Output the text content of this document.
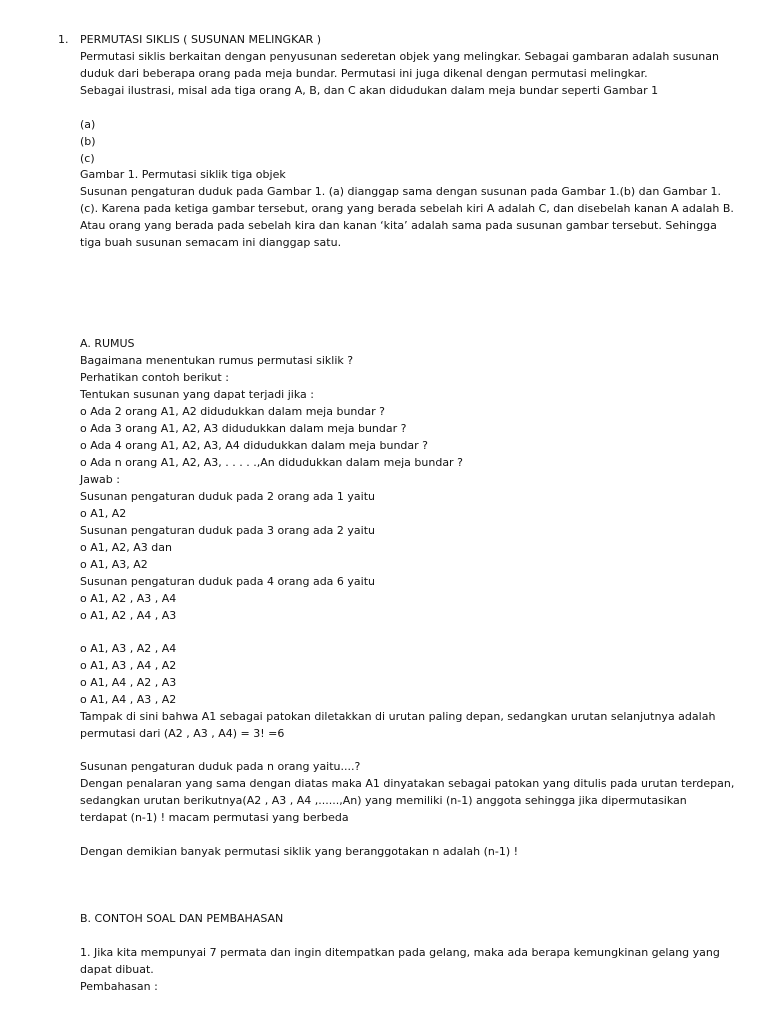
1. PERMUTASI SIKLIS ( SUSUNAN MELINGKAR )
Permutasi siklis berkaitan dengan penyusunan sederetan objek yang melingkar. Sebagai gambaran adalah susunan
duduk dari beberapa orang pada meja bundar. Permutasi ini juga dikenal dengan permutasi melingkar.
Sebagai ilustrasi, misal ada tiga orang A, B, dan C akan didudukan dalam meja bundar seperti Gambar 1
(a)
(b)
(c)
Gambar 1. Permutasi siklik tiga objek
Susunan pengaturan duduk pada Gambar 1. (a) dianggap sama dengan susunan pada Gambar 1.(b) dan Gambar 1.
(c). Karena pada ketiga gambar tersebut, orang yang berada sebelah kiri A adalah C, dan disebelah kanan A adalah B.
Atau orang yang berada pada sebelah kira dan kanan ‘kita’ adalah sama pada susunan gambar tersebut. Sehingga
tiga buah susunan semacam ini dianggap satu.
A. RUMUS
Bagaimana menentukan rumus permutasi siklik ?
Perhatikan contoh berikut :
Tentukan susunan yang dapat terjadi jika :
o Ada 2 orang A1, A2 didudukkan dalam meja bundar ?
o Ada 3 orang A1, A2, A3 didudukkan dalam meja bundar ?
o Ada 4 orang A1, A2, A3, A4 didudukkan dalam meja bundar ?
o Ada n orang A1, A2, A3, . . . . .,An didudukkan dalam meja bundar ?
Jawab :
Susunan pengaturan duduk pada 2 orang ada 1 yaitu
o A1, A2
Susunan pengaturan duduk pada 3 orang ada 2 yaitu
o A1, A2, A3 dan
o A1, A3, A2
Susunan pengaturan duduk pada 4 orang ada 6 yaitu
o A1, A2 , A3 , A4
o A1, A2 , A4 , A3
o A1, A3 , A2 , A4
o A1, A3 , A4 , A2
o A1, A4 , A2 , A3
o A1, A4 , A3 , A2
Tampak di sini bahwa A1 sebagai patokan diletakkan di urutan paling depan, sedangkan urutan selanjutnya adalah
permutasi dari (A2 , A3 , A4) = 3! =6
Susunan pengaturan duduk pada n orang yaitu....?
Dengan penalaran yang sama dengan diatas maka A1 dinyatakan sebagai patokan yang ditulis pada urutan terdepan,
sedangkan urutan berikutnya(A2 , A3 , A4 ,......,An) yang memiliki (n-1) anggota sehingga jika dipermutasikan
terdapat (n-1) ! macam permutasi yang berbeda
Dengan demikian banyak permutasi siklik yang beranggotakan n adalah (n-1) !
B. CONTOH SOAL DAN PEMBAHASAN
1. Jika kita mempunyai 7 permata dan ingin ditempatkan pada gelang, maka ada berapa kemungkinan gelang yang
dapat dibuat.
Pembahasan :
